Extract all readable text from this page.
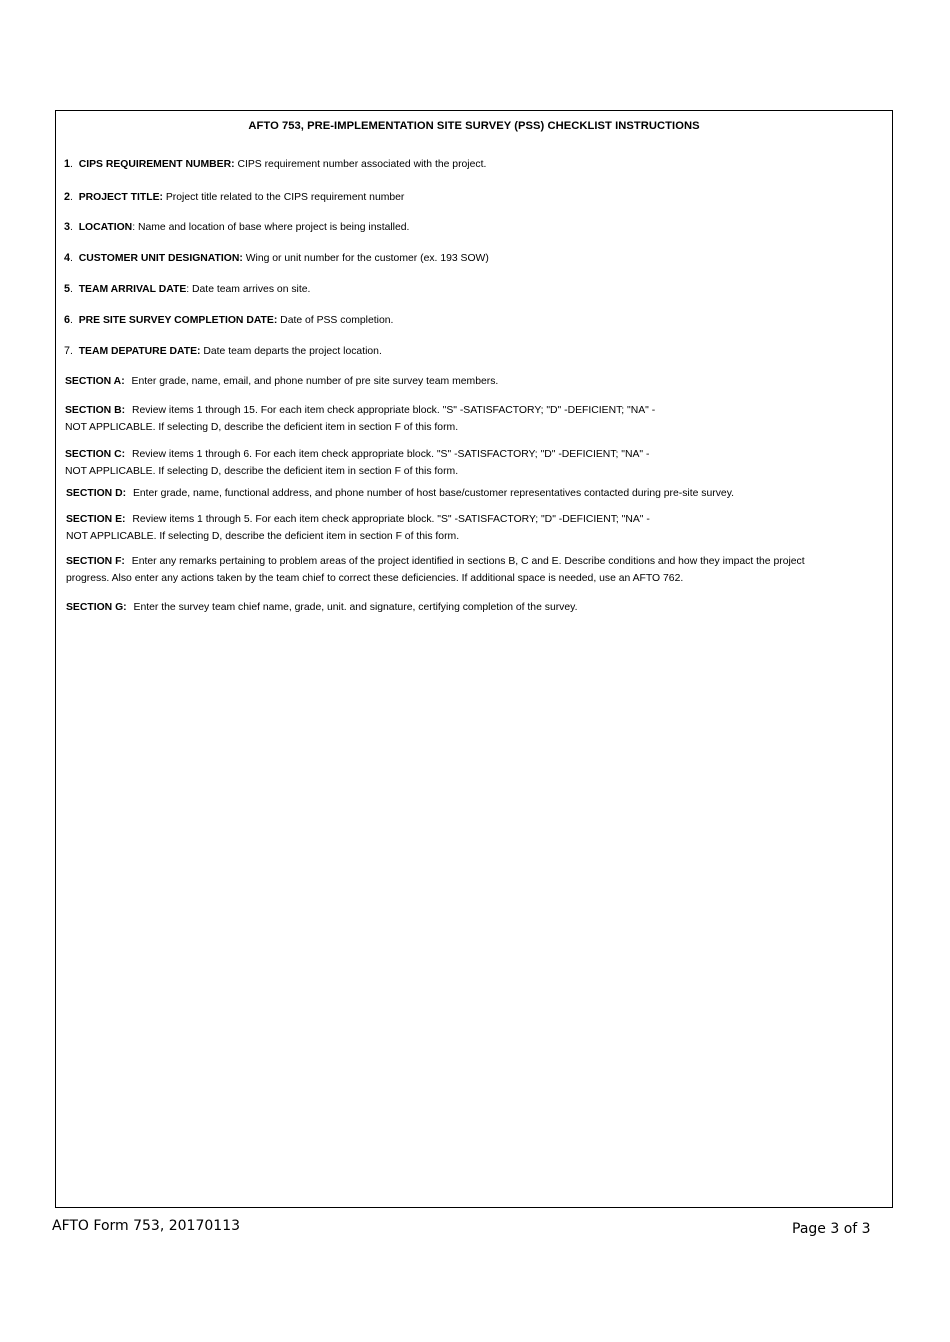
AFTO 753, PRE-IMPLEMENTATION SITE SURVEY (PSS) CHECKLIST INSTRUCTIONS
1.  CIPS REQUIREMENT NUMBER: CIPS requirement number associated with the project.
2.  PROJECT TITLE: Project title related to the CIPS requirement number
3.  LOCATION: Name and location of base where project is being installed.
4.  CUSTOMER UNIT DESIGNATION: Wing or unit number for the customer (ex. 193 SOW)
5.  TEAM ARRIVAL DATE: Date team arrives on site.
6.  PRE SITE SURVEY COMPLETION DATE: Date of PSS completion.
7.  TEAM DEPATURE DATE: Date team departs the project location.
SECTION A: Enter grade, name, email, and phone number of pre site survey team members.
SECTION B: Review items 1 through 15. For each item check appropriate block. "S" -SATISFACTORY; "D" -DEFICIENT; "NA" -
NOT APPLICABLE. If selecting D, describe the deficient item in section F of this form.
SECTION C: Review items 1 through 6. For each item check appropriate block. "S" -SATISFACTORY; "D" -DEFICIENT; "NA" -
NOT APPLICABLE. If selecting D, describe the deficient item in section F of this form.
SECTION D: Enter grade, name, functional address, and phone number of host base/customer representatives contacted during pre-site survey.
SECTION E: Review items 1 through 5. For each item check appropriate block. "S" -SATISFACTORY; "D" -DEFICIENT; "NA" -
NOT APPLICABLE. If selecting D, describe the deficient item in section F of this form.
SECTION F: Enter any remarks pertaining to problem areas of the project identified in sections B, C and E. Describe conditions and how they impact the project
progress. Also enter any actions taken by the team chief to correct these deficiencies. If additional space is needed, use an AFTO 762.
SECTION G: Enter the survey team chief name, grade, unit. and signature, certifying completion of the survey.
AFTO Form 753, 20170113	Page 3 of 3
